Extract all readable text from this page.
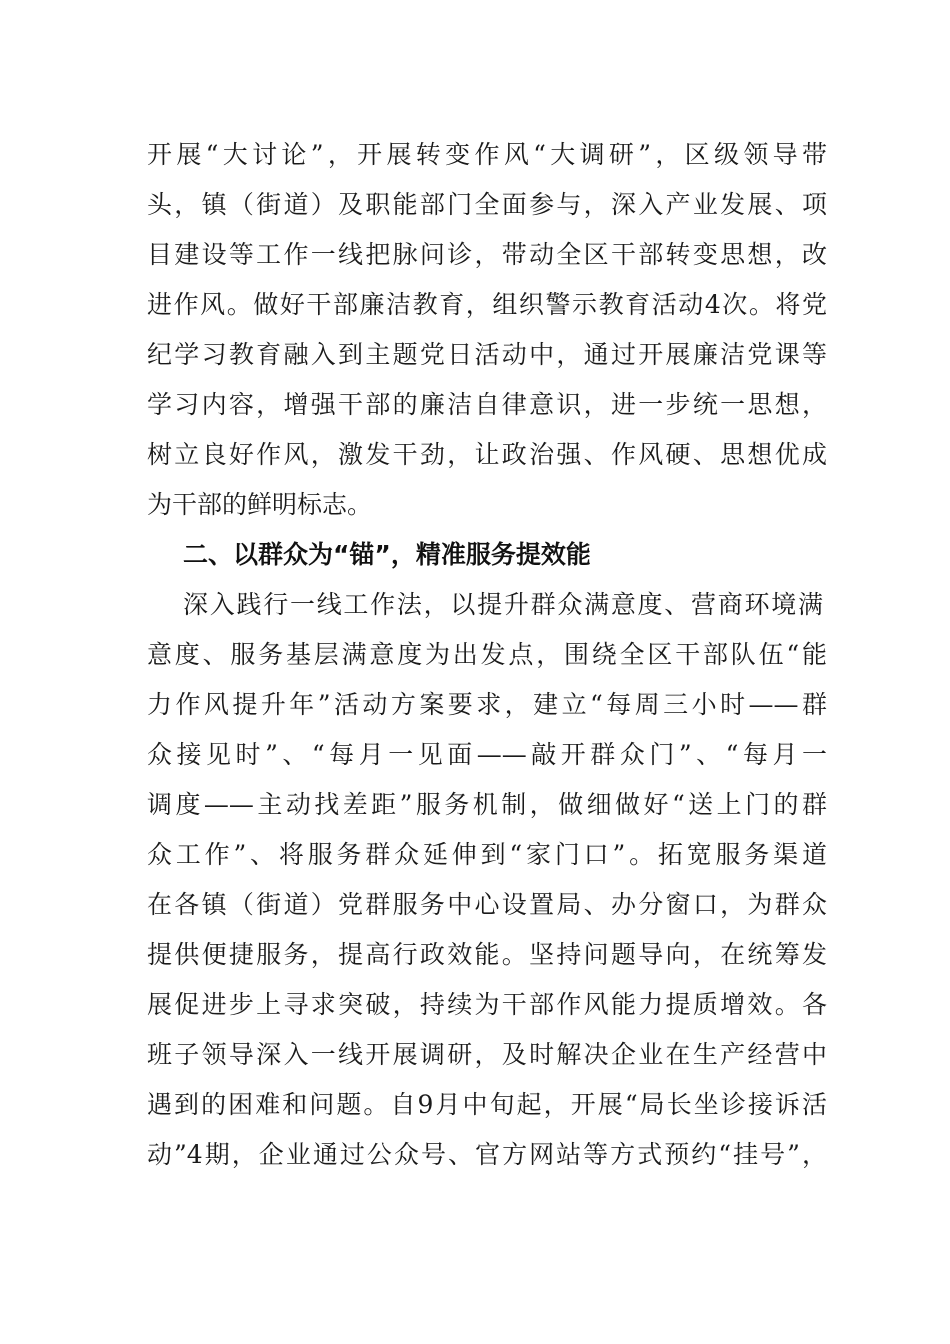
开展“大讨论”，开展转变作风“大调研”，区级领导带
头，镇（街道）及职能部门全面参与，深入产业发展、项
目建设等工作一线把脉问诊，带动全区干部转变思想，改
进作风。做好干部廉洁教育，组织警示教育活动4次。将党
纪学习教育融入到主题党日活动中，通过开展廉洁党课等
学习内容，增强干部的廉洁自律意识，进一步统一思想，
树立良好作风，激发干劲，让政治强、作风硬、思想优成
为干部的鲜明标志。
二、以群众为“锚”，精准服务提效能
深入践行一线工作法，以提升群众满意度、营商环境满
意度、服务基层满意度为出发点，围绕全区干部队伍“能
力作风提升年”活动方案要求，建立“每周三小时——群
众接见时”、“每月一见面——敲开群众门”、“每月一
调度——主动找差距”服务机制，做细做好“送上门的群
众工作”、将服务群众延伸到“家门口”。拓宽服务渠道
在各镇（街道）党群服务中心设置局、办分窗口，为群众
提供便捷服务，提高行政效能。坚持问题导向，在统筹发
展促进步上寻求突破，持续为干部作风能力提质增效。各
班子领导深入一线开展调研，及时解决企业在生产经营中
遇到的困难和问题。自9月中旬起，开展“局长坐诊接诉活
动”4期，企业通过公众号、官方网站等方式预约“挂号”，
